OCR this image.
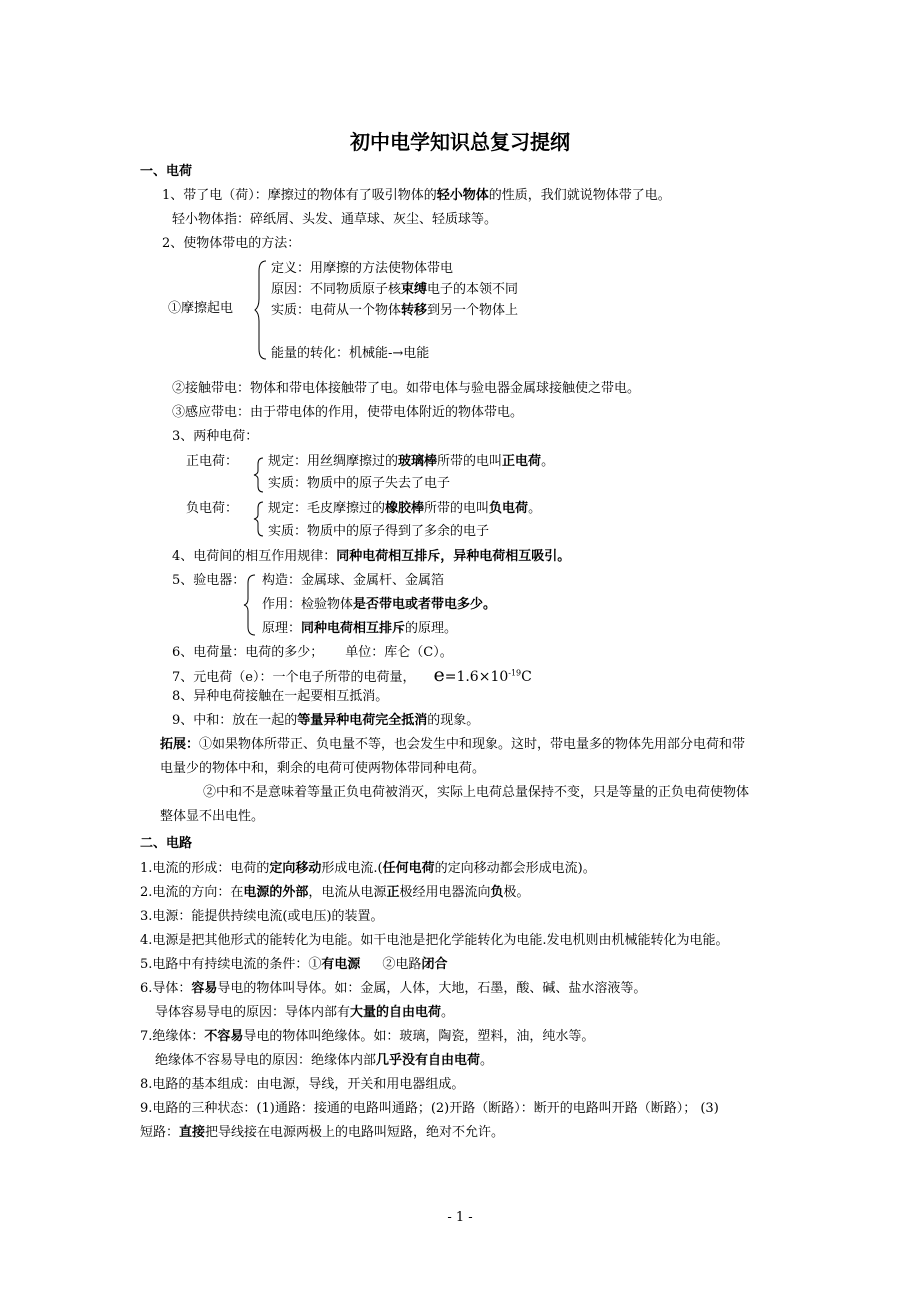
初中电学知识总复习提纲
一、电荷
1、带了电（荷）：摩擦过的物体有了吸引物体的轻小物体的性质，我们就说物体带了电。
轻小物体指：碎纸屑、头发、通草球、灰尘、轻质球等。
2、使物体带电的方法：
①摩擦起电
定义：用摩擦的方法使物体带电
原因：不同物质原子核束缚电子的本领不同
实质：电荷从一个物体转移到另一个物体上
能量的转化：机械能-→电能
②接触带电：物体和带电体接触带了电。如带电体与验电器金属球接触使之带电。
③感应带电：由于带电体的作用，使带电体附近的物体带电。
3、两种电荷：
正电荷： 规定：用丝绸摩擦过的玻璃棒所带的电叫正电荷。
实质：物质中的原子失去了电子
负电荷： 规定：毛皮摩擦过的橡胶棒所带的电叫负电荷。
实质：物质中的原子得到了多余的电子
4、电荷间的相互作用规律：同种电荷相互排斥，异种电荷相互吸引。
5、验电器： 构造：金属球、金属杆、金属箔
作用：检验物体是否带电或者带电多少。
原理：同种电荷相互排斥的原理。
6、电荷量：电荷的多少； 单位：库仑（C）。
7、元电荷（e）：一个电子所带的电荷量， $e=1.6\times 10^{-19}C$
8、异种电荷接触在一起要相互抵消。
9、中和：放在一起的等量异种电荷完全抵消的现象。
拓展：①如果物体所带正、负电量不等，也会发生中和现象。这时，带电量多的物体先用部分电荷和带
电量少的物体中和，剩余的电荷可使两物体带同种电荷。
②中和不是意味着等量正负电荷被消灭，实际上电荷总量保持不变，只是等量的正负电荷使物体
整体显不出电性。
二、电路
1.电流的形成：电荷的定向移动形成电流.(任何电荷的定向移动都会形成电流)。
2.电流的方向：在电源的外部，电流从电源正极经用电器流向负极。
3.电源：能提供持续电流(或电压)的装置。
4.电源是把其他形式的能转化为电能。如干电池是把化学能转化为电能.发电机则由机械能转化为电能。
5.电路中有持续电流的条件：①有电源 ②电路闭合
6.导体：容易导电的物体叫导体。如：金属，人体，大地，石墨，酸、碱、盐水溶液等。
导体容易导电的原因：导体内部有大量的自由电荷。
7.绝缘体：不容易导电的物体叫绝缘体。如：玻璃，陶瓷，塑料，油，纯水等。
绝缘体不容易导电的原因：绝缘体内部几乎没有自由电荷。
8.电路的基本组成：由电源，导线，开关和用电器组成。
9.电路的三种状态：(1)通路：接通的电路叫通路；(2)开路（断路）：断开的电路叫开路（断路）； (3)
短路：直接把导线接在电源两极上的电路叫短路，绝对不允许。
- 1 -
